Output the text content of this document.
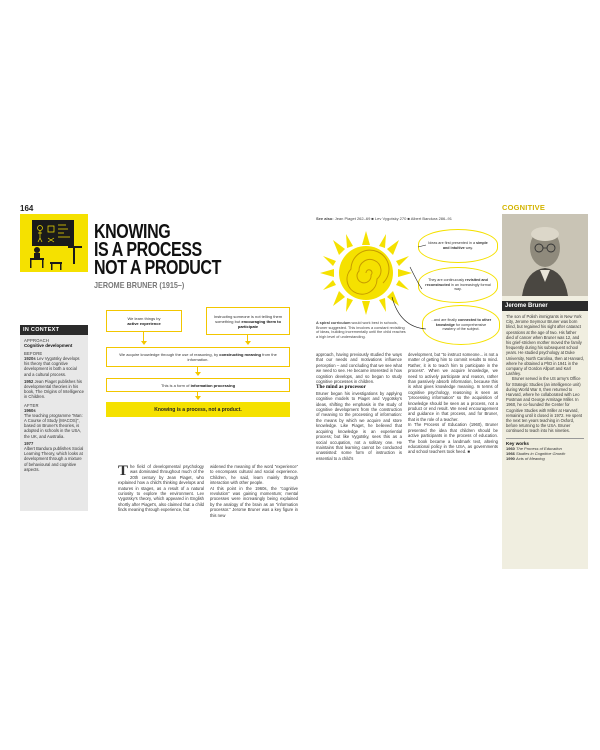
164
KNOWING
IS A PROCESS
NOT A PRODUCT
JEROME BRUNER (1915–)
IN CONTEXT
APPROACH
Cognitive development
BEFORE
1920s Lev Vygotsky develops his theory that cognitive development is both a social and a cultural process.
1952 Jean Piaget publishes his developmental theories in his book, The Origins of Intelligence in Children.
AFTER
1960s
The teaching programme “Man: A Course of Study (MACOS)”, based on Bruner's theories, is adopted in schools in the USA, the UK, and Australia.
1977
Albert Bandura publishes Social Learning Theory, which looks at development through a mixture of behavioural and cognitive aspects.
We learn things by
active experience
Instructing someone is not telling them something but encouraging them to participate
We acquire knowledge through the use of reasoning, by constructing meaning from the information.
This is a form of information processing
Knowing is a process, not a product.
The field of developmental psychology was dominated throughout much of the 20th century by Jean Piaget, who explained how a child's thinking develops and matures in stages, as a result of a natural curiosity to explore the environment. Lev Vygotsky's theory, which appeared in English shortly after Piaget's, also claimed that a child finds meaning through experience, but
widened the meaning of the word “experience” to encompass cultural and social experience. Children, he said, learn mainly through interaction with other people.
At this point in the 1960s, the “cognitive revolution” was gaining momentum; mental processes were increasingly being explained by the analogy of the brain as an “information processor.” Jerome Bruner was a key figure in this new
See also: Jean Piaget 262–69 ■ Lev Vygotsky 270 ■ Albert Bandura 286–91
COGNITIVE
Ideas are first presented in a simple and intuitive way.
They are continuously revisited and reconstructed in an increasingly formal way.
...and are finally connected to other knowledge for comprehensive mastery of the subject.
A spiral curriculum would work best in schools, Bruner suggested. This involves a constant revisiting of ideas, building incrementally until the child reaches a high level of understanding.
approach, having previously studied the ways that our needs and motivations influence perception – and concluding that we see what we need to see. He became interested in how cognition develops, and so began to study cognitive processes in children.
The mind as processor
Bruner began his investigations by applying cognitive models to Piaget and Vygotsky's ideas, shifting the emphasis in the study of cognitive development from the construction of meaning to the processing of information: the means by which we acquire and store knowledge. Like Piaget, he believed that acquiring knowledge is an experiential process; but like Vygotsky, sees this as a social occupation, not a solitary one. He maintains that learning cannot be conducted unassisted: some form of instruction is essential to a child's
development, but “to instruct someone... is not a matter of getting him to commit results to mind. Rather, it is to teach him to participate in the process”. When we acquire knowledge, we need to actively participate and reason, rather than passively absorb information, because this is what gives knowledge meaning. In terms of cognitive psychology, reasoning is seen as “processing information” so the acquisition of knowledge should be seen as a process, not a product or end result. We need encouragement and guidance in that process, and for Bruner, that is the role of a teacher.
In The Process of Education (1960), Bruner presented the idea that children should be active participants in the process of education. The book became a landmark text, altering educational policy in the USA, as governments and school teachers took heed. ■
Jerome Bruner
The son of Polish immigrants in New York City, Jerome Seymour Bruner was born blind, but regained his sight after cataract operations at the age of two. His father died of cancer when Bruner was 12, and his grief-stricken mother moved the family frequently during his subsequent school years. He studied psychology at Duke University, North Carolina, then at Harvard, where he obtained a PhD in 1941 in the company of Gordon Allport and Karl Lashley.
Bruner served in the US army's Office for Strategic Studies (an intelligence unit) during World War II, then returned to Harvard, where he collaborated with Leo Postman and George Armitage Miller. In 1960, he co-founded the Center for Cognitive Studies with Miller at Harvard, remaining until it closed in 1972. He spent the next ten years teaching in Oxford, before returning to the USA. Bruner continued to teach into his nineties.
Key works
1960 The Process of Education
1966 Studies in Cognitive Growth
1990 Acts of Meaning
